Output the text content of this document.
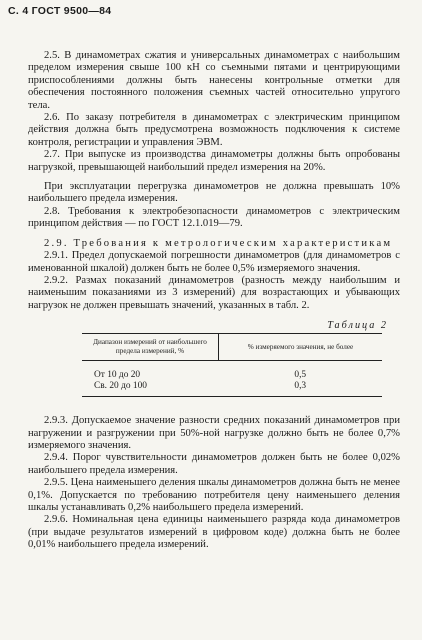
С. 4 ГОСТ 9500—84

2.5. В динамометрах сжатия и универсальных динамометрах с наибольшим пределом измерения свыше 100 кН со съемными пятами и центрирующими приспособлениями должны быть нанесены контрольные отметки для обеспечения постоянного положения съемных частей относительно упругого тела.

2.6. По заказу потребителя в динамометрах с электрическим принципом действия должна быть предусмотрена возможность подключения к системе контроля, регистрации и управления ЭВМ.

2.7. При выпуске из производства динамометры должны быть опробованы нагрузкой, превышающей наибольший предел измерения на 20%.

При эксплуатации перегрузка динамометров не должна превышать 10% наибольшего предела измерения.

2.8. Требования к электробезопасности динамометров с электрическим принципом действия — по ГОСТ 12.1.019—79.

2.9. Требования к метрологическим характеристикам

2.9.1. Предел допускаемой погрешности динамометров (для динамометров с именованной шкалой) должен быть не более 0,5% измеряемого значения.

2.9.2. Размах показаний динамометров (разность между наибольшим и наименьшим показаниями из 3 измерений) для возрастающих и убывающих нагрузок не должен превышать значений, указанных в табл. 2.

Таблица 2
Диапазон измерений от наибольшего предела измерений, %	% измеряемого значения, не более
От 10 до 20	0,5
Св. 20 до 100	0,3

2.9.3. Допускаемое значение разности средних показаний динамометров при нагружении и разгружении при 50%-ной нагрузке должно быть не более 0,7% измеряемого значения.

2.9.4. Порог чувствительности динамометров должен быть не более 0,02% наибольшего предела измерения.

2.9.5. Цена наименьшего деления шкалы динамометров должна быть не менее 0,1%. Допускается по требованию потребителя цену наименьшего деления шкалы устанавливать 0,2% наибольшего предела измерений.

2.9.6. Номинальная цена единицы наименьшего разряда кода динамометров (при выдаче результатов измерений в цифровом коде) должна быть не более 0,01% наибольшего предела измерений.
